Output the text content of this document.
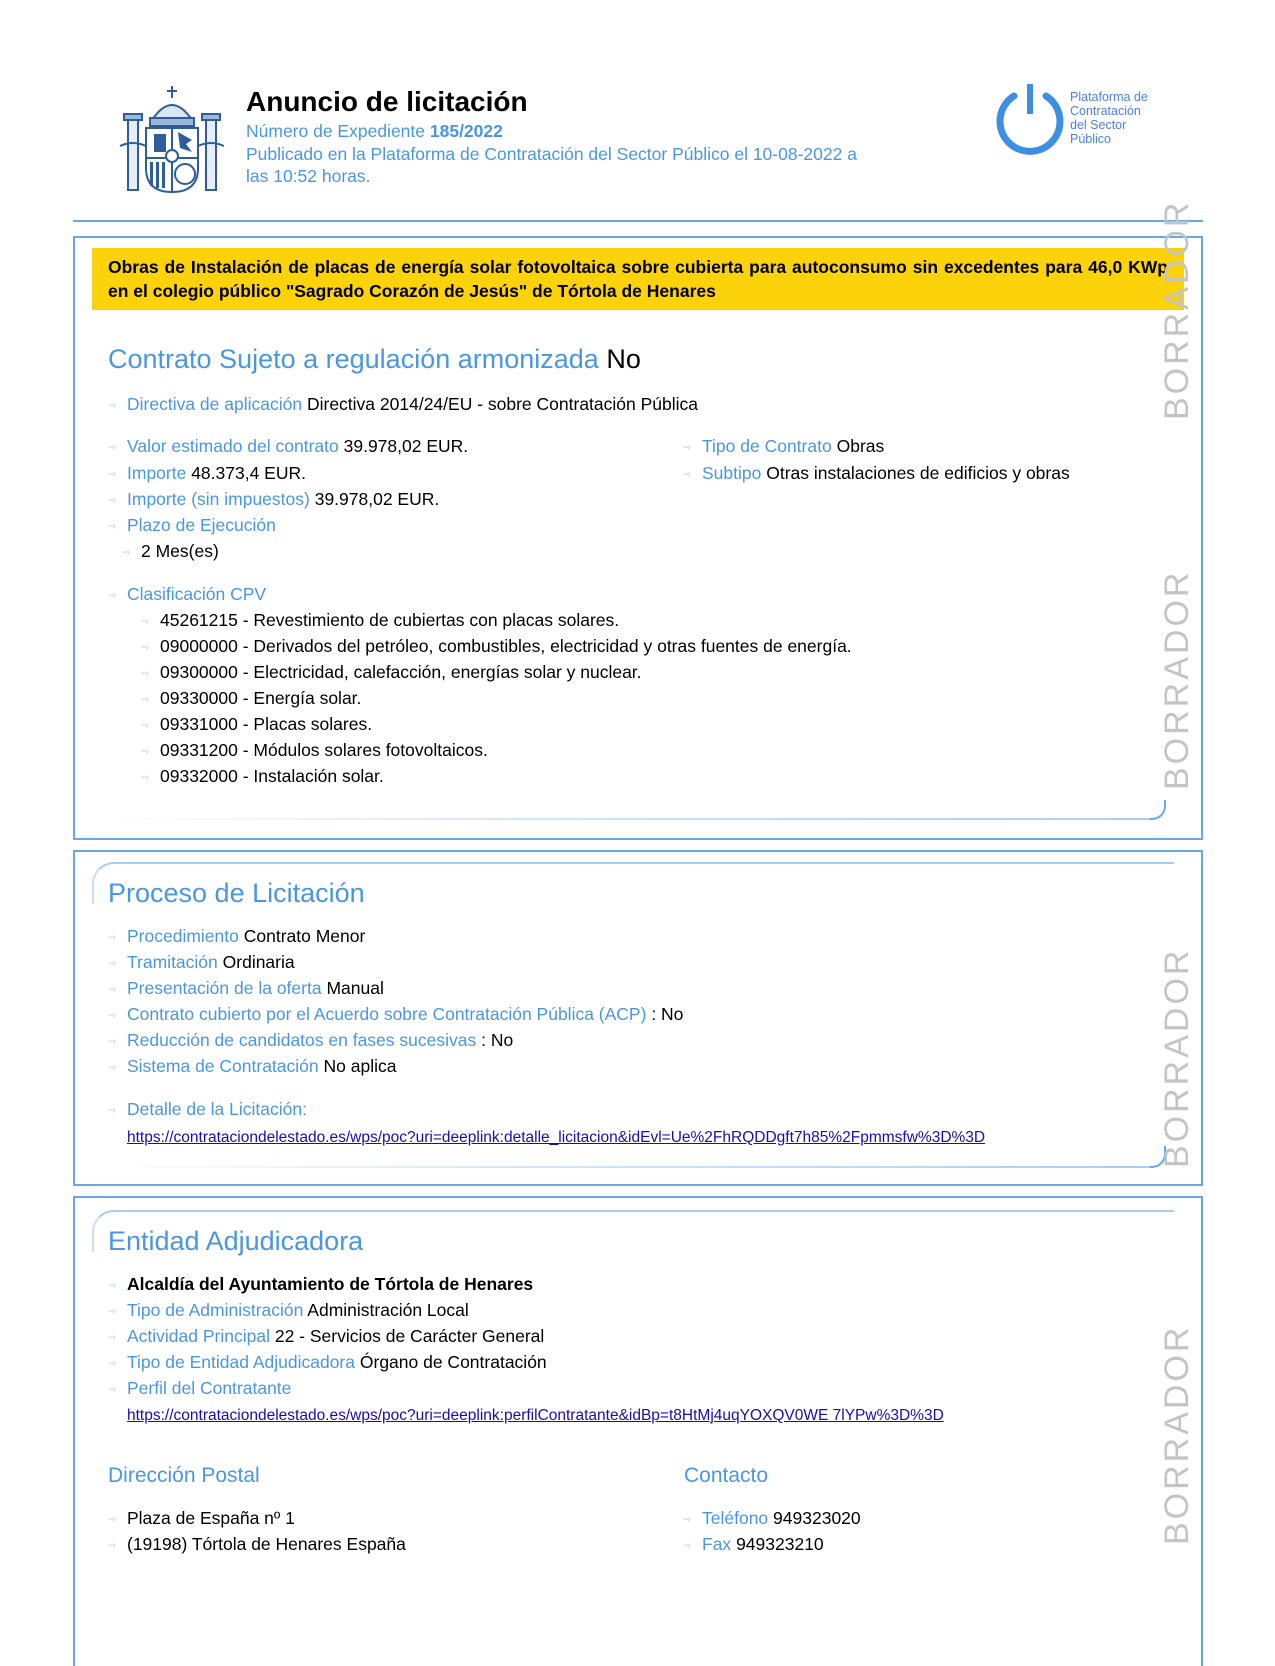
Anuncio de licitación
Número de Expediente 185/2022
Publicado en la Plataforma de Contratación del Sector Público el 10-08-2022 a
las 10:52 horas.
Plataforma de
Contratación
del Sector
Público
Obras de Instalación de placas de energía solar fotovoltaica sobre cubierta para autoconsumo sin excedentes para 46,0 KWp en el colegio público "Sagrado Corazón de Jesús" de Tórtola de Henares
Contrato Sujeto a regulación armonizada No
--› Directiva de aplicación Directiva 2014/24/EU - sobre Contratación Pública
--› Valor estimado del contrato 39.978,02 EUR.
--› Importe 48.373,4 EUR.
--› Importe (sin impuestos) 39.978,02 EUR.
--› Plazo de Ejecución
--› 2 Mes(es)
--› Tipo de Contrato Obras
--› Subtipo Otras instalaciones de edificios y obras
--› Clasificación CPV
--› 45261215 - Revestimiento de cubiertas con placas solares.
--› 09000000 - Derivados del petróleo, combustibles, electricidad y otras fuentes de energía.
--› 09300000 - Electricidad, calefacción, energías solar y nuclear.
--› 09330000 - Energía solar.
--› 09331000 - Placas solares.
--› 09331200 - Módulos solares fotovoltaicos.
--› 09332000 - Instalación solar.
BORRADOR
BORRADOR
Proceso de Licitación
--› Procedimiento Contrato Menor
--› Tramitación Ordinaria
--› Presentación de la oferta Manual
--› Contrato cubierto por el Acuerdo sobre Contratación Pública (ACP) : No
--› Reducción de candidatos en fases sucesivas : No
--› Sistema de Contratación No aplica
--› Detalle de la Licitación:
https://contrataciondelestado.es/wps/poc?uri=deeplink:detalle_licitacion&idEvl=Ue%2FhRQDDgft7h85%2Fpmmsfw%3D%3D	BORRADOR
Entidad Adjudicadora
--› Alcaldía del Ayuntamiento de Tórtola de Henares
--› Tipo de Administración Administración Local
--› Actividad Principal 22 - Servicios de Carácter General
--› Tipo de Entidad Adjudicadora Órgano de Contratación
--› Perfil del Contratante
https://contrataciondelestado.es/wps/poc?uri=deeplink:perfilContratante&idBp=t8HtMj4uqYOXQV0WE 7lYPw%3D%3D
Dirección Postal	Contacto
--› Plaza de España nº 1
--› (19198) Tórtola de Henares España
--› Teléfono 949323020
--› Fax 949323210	BORRADOR
